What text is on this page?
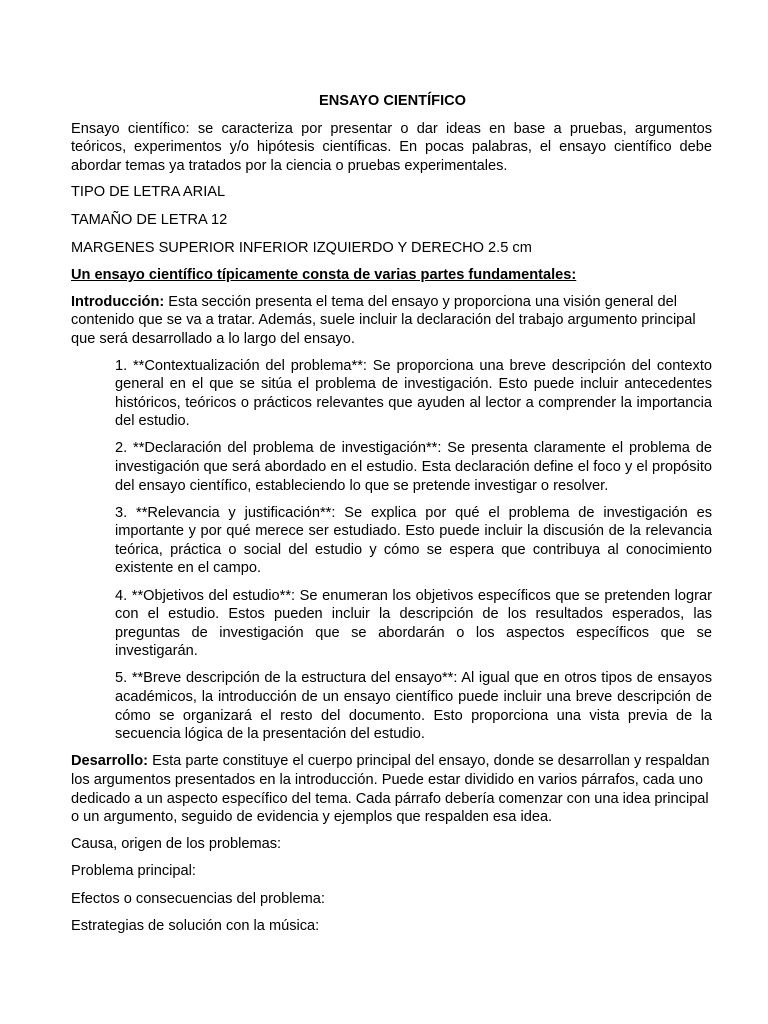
ENSAYO CIENTÍFICO

Ensayo científico: se caracteriza por presentar o dar ideas en base a pruebas, argumentos teóricos, experimentos y/o hipótesis científicas. En pocas palabras, el ensayo científico debe abordar temas ya tratados por la ciencia o pruebas experimentales.

TIPO DE LETRA ARIAL

TAMAÑO DE LETRA 12

MARGENES SUPERIOR INFERIOR IZQUIERDO Y DERECHO 2.5 cm

Un ensayo científico típicamente consta de varias partes fundamentales:

Introducción: Esta sección presenta el tema del ensayo y proporciona una visión general del contenido que se va a tratar. Además, suele incluir la declaración del trabajo argumento principal que será desarrollado a lo largo del ensayo.

1. **Contextualización del problema**: Se proporciona una breve descripción del contexto general en el que se sitúa el problema de investigación. Esto puede incluir antecedentes históricos, teóricos o prácticos relevantes que ayuden al lector a comprender la importancia del estudio.

2. **Declaración del problema de investigación**: Se presenta claramente el problema de investigación que será abordado en el estudio. Esta declaración define el foco y el propósito del ensayo científico, estableciendo lo que se pretende investigar o resolver.

3. **Relevancia y justificación**: Se explica por qué el problema de investigación es importante y por qué merece ser estudiado. Esto puede incluir la discusión de la relevancia teórica, práctica o social del estudio y cómo se espera que contribuya al conocimiento existente en el campo.

4. **Objetivos del estudio**: Se enumeran los objetivos específicos que se pretenden lograr con el estudio. Estos pueden incluir la descripción de los resultados esperados, las preguntas de investigación que se abordarán o los aspectos específicos que se investigarán.

5. **Breve descripción de la estructura del ensayo**: Al igual que en otros tipos de ensayos académicos, la introducción de un ensayo científico puede incluir una breve descripción de cómo se organizará el resto del documento. Esto proporciona una vista previa de la secuencia lógica de la presentación del estudio.

Desarrollo: Esta parte constituye el cuerpo principal del ensayo, donde se desarrollan y respaldan los argumentos presentados en la introducción. Puede estar dividido en varios párrafos, cada uno dedicado a un aspecto específico del tema. Cada párrafo debería comenzar con una idea principal o un argumento, seguido de evidencia y ejemplos que respalden esa idea.

Causa, origen de los problemas:

Problema principal:

Efectos o consecuencias del problema:

Estrategias de solución con la música:
